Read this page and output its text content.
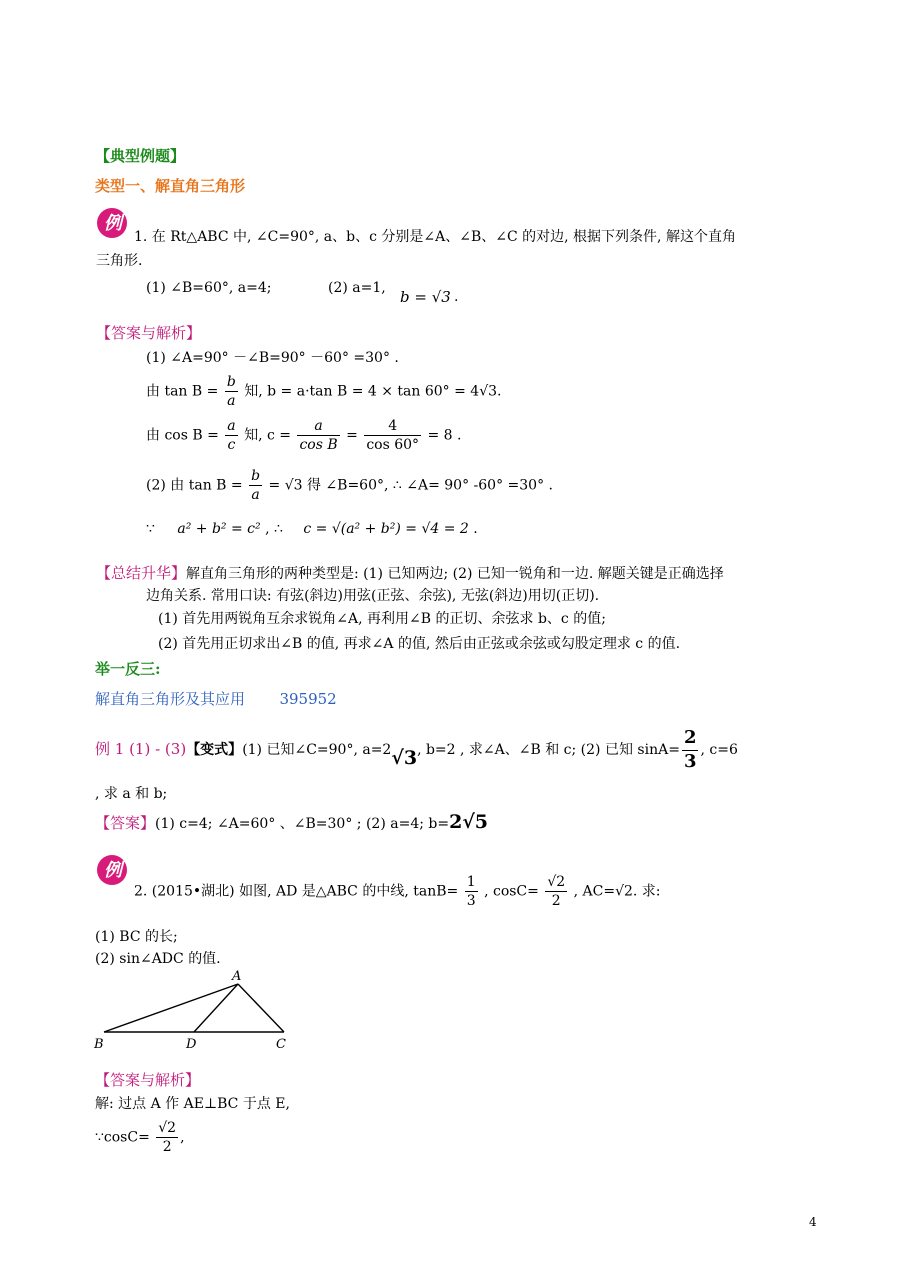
【典型例题】
类型一、解直角三角形
例
1. 在 Rt△ABC 中, ∠C=90°, a、b、c 分别是∠A、∠B、∠C 的对边, 根据下列条件, 解这个直角
三角形.
(1) ∠B=60°, a=4;	(2) a=1, b = √3 .
【答案与解析】
(1) ∠A=90° －∠B=90° －60° =30° .
由 $\tan B = \frac{b}{a}$ 知, b = a·tan B = 4 × tan 60° = 4√3.
由 $\cos B = \frac{a}{c}$ 知, $c = \frac{a}{\text{cos B}} = \frac{4}{\cos 60^\circ} = 8$ .
(2) 由 $\tan B = \frac{b}{a} = √3$ 得 ∠B=60°, ∴ ∠A= 90° -60° =30° .
∵ a² + b² = c² , ∴ c = √(a² + b²) = √4 = 2 .
【总结升华】解直角三角形的两种类型是: (1) 已知两边; (2) 已知一锐角和一边. 解题关键是正确选择
边角关系. 常用口诀: 有弦(斜边)用弦(正弦、余弦), 无弦(斜边)用切(正切).
(1) 首先用两锐角互余求锐角∠A, 再利用∠B 的正切、余弦求 b、c 的值;
(2) 首先用正切求出∠B 的值, 再求∠A 的值, 然后由正弦或余弦或勾股定理求 c 的值.
举一反三:
解直角三角形及其应用 395952
例 1 (1) - (3)【变式】(1) 已知∠C=90°, a=2√3, b=2 , 求∠A、∠B 和 c; (2) 已知 $\sin A= \frac{2}{3}$ , c=6
, 求 a 和 b;
【答案】(1) c=4; ∠A=60° 、∠B=30° ; (2) a=4; b=2√5
例
2. (2015•湖北) 如图, AD 是△ABC 的中线, $\tan B= \frac{1}{3}$ , $\cos C= \frac{√2}{2}$ , AC=√2. 求:
(1) BC 的长;
(2) sin∠ADC 的值.
A
B	D	C
【答案与解析】
解: 过点 A 作 AE⊥BC 于点 E,
∵cosC= $\frac{√2}{2}$ ,
4
